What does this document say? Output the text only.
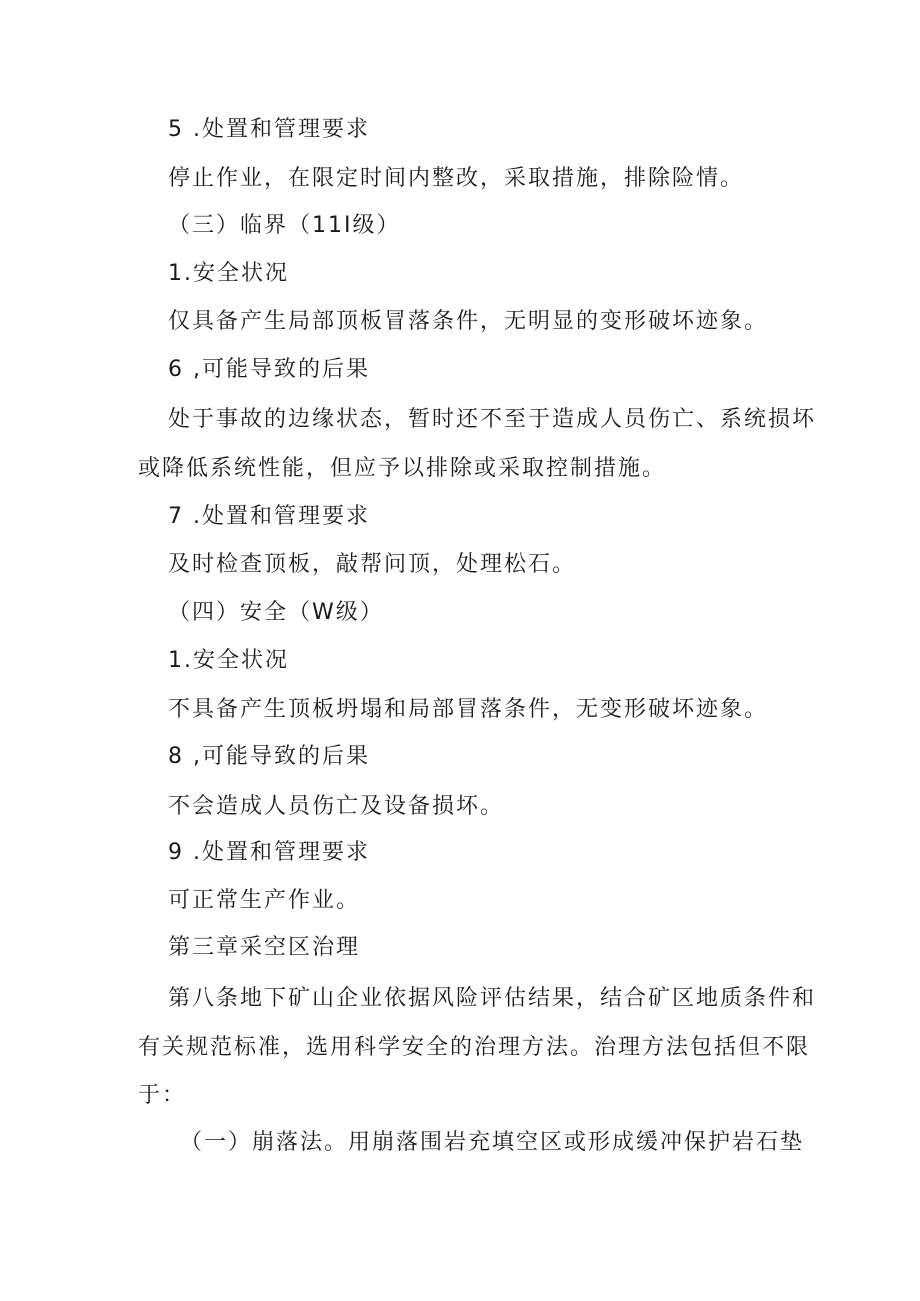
5 .处置和管理要求
停止作业，在限定时间内整改，采取措施，排除险情。
（三）临界（11I级）
1.安全状况
仅具备产生局部顶板冒落条件，无明显的变形破坏迹象。
6 ,可能导致的后果
处于事故的边缘状态，暂时还不至于造成人员伤亡、系统损坏
或降低系统性能，但应予以排除或采取控制措施。
7 .处置和管理要求
及时检查顶板，敲帮问顶，处理松石。
（四）安全（W级）
1.安全状况
不具备产生顶板坍塌和局部冒落条件，无变形破坏迹象。
8 ,可能导致的后果
不会造成人员伤亡及设备损坏。
9 .处置和管理要求
可正常生产作业。
第三章采空区治理
第八条地下矿山企业依据风险评估结果，结合矿区地质条件和
有关规范标准，选用科学安全的治理方法。治理方法包括但不限
于：
（一）崩落法。用崩落围岩充填空区或形成缓冲保护岩石垫
